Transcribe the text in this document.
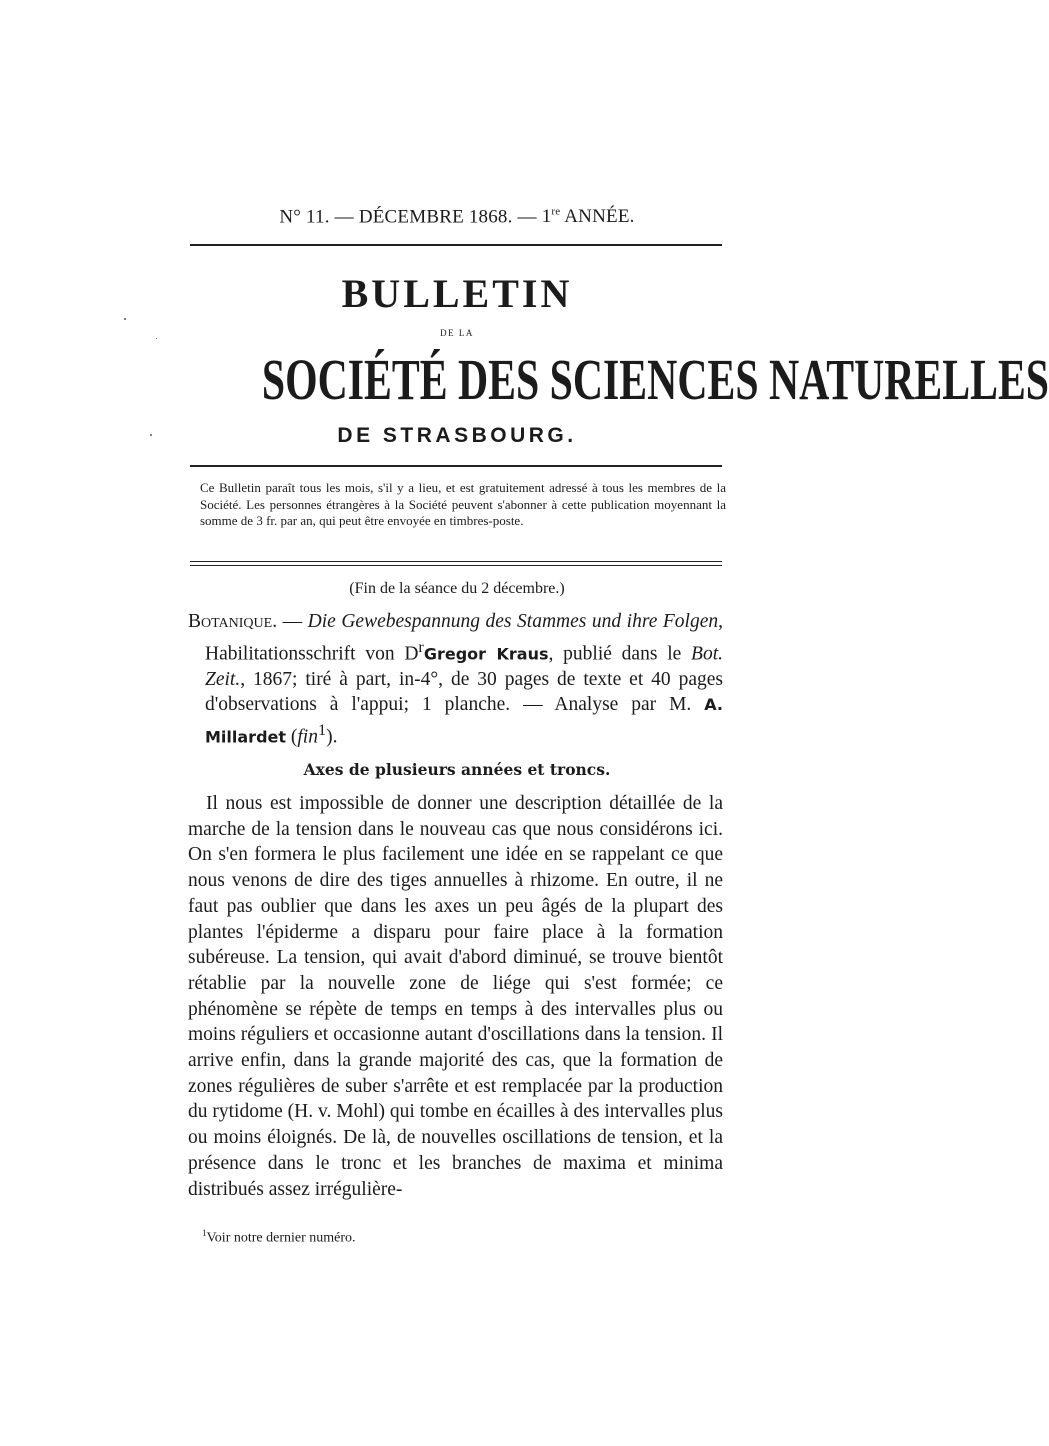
N° 11. — DÉCEMBRE 1868. — 1re ANNÉE.
BULLETIN
DE LA
SOCIÉTÉ DES SCIENCES NATURELLES
DE STRASBOURG.
Ce Bulletin paraît tous les mois, s'il y a lieu, et est gratuitement adressé à tous les membres de la Société. Les personnes étrangères à la Société peuvent s'abonner à cette publication moyennant la somme de 3 fr. par an, qui peut être envoyée en timbres-poste.
(Fin de la séance du 2 décembre.)

Botanique. — Die Gewebespannung des Stammes und ihre Folgen, Habilitationsschrift von $D^rGregor$ Kraus, publié dans le Bot. Zeit., 1867; tiré à part, in-4°, de 30 pages de texte et 40 pages d'observations à l'appui; 1 planche. — Analyse par M. A. Millardet (fin$^1$).

Axes de plusieurs années et troncs.

Il nous est impossible de donner une description détaillée de la marche de la tension dans le nouveau cas que nous considérons ici. On s'en formera le plus facilement une idée en se rappelant ce que nous venons de dire des tiges annuelles à rhizome. En outre, il ne faut pas oublier que dans les axes un peu âgés de la plupart des plantes l'épiderme a disparu pour faire place à la formation subéreuse. La tension, qui avait d'abord diminué, se trouve bientôt rétablie par la nouvelle zone de liége qui s'est formée; ce phénomène se répète de temps en temps à des intervalles plus ou moins réguliers et occasionne autant d'oscillations dans la tension. Il arrive enfin, dans la grande majorité des cas, que la formation de zones régulières de suber s'arrête et est remplacée par la production du rytidome (H. v. Mohl) qui tombe en écailles à des intervalles plus ou moins éloignés. De là, de nouvelles oscillations de tension, et la présence dans le tronc et les branches de maxima et minima distribués assez irrégulière-

$^1$Voir notre dernier numéro.
